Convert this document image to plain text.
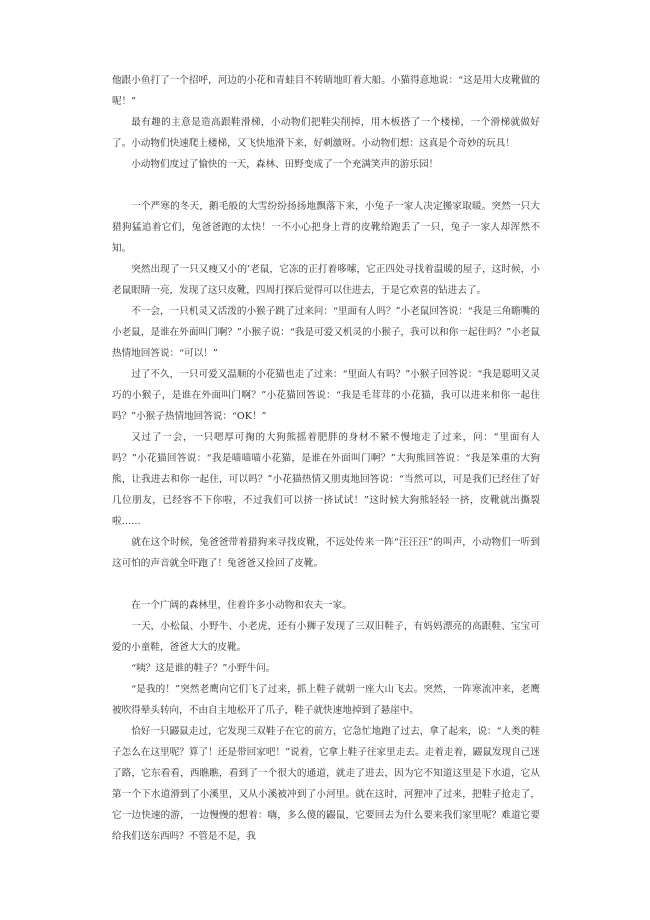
他跟小鱼打了一个招呼，河边的小花和青蛙目不转睛地盯着大船。小猫得意地说：“这是用大皮靴做的呢！”

最有趣的主意是造高跟鞋滑梯，小动物们把鞋尖削掉，用木板搭了一个楼梯，一个滑梯就做好了。小动物们快速爬上楼梯，又飞快地滑下来，好刺激呀。小动物们想：这真是个奇妙的玩具！

小动物们度过了愉快的一天，森林、田野变成了一个充满笑声的游乐园！

一个严寒的冬天，鹅毛般的大雪纷纷扬扬地飘落下来，小兔子一家人决定搬家取暖。突然一只大猎狗猛追着它们，兔爸爸跑的太快！一不小心把身上背的皮靴给跑丢了一只，兔子一家人却浑然不知。

突然出现了一只又瘦又小的’老鼠，它冻的正打着哆嗦，它正四处寻找着温暖的屋子，这时候，小老鼠眼睛一亮，发现了这只皮靴，四周打探后觉得可以住进去，于是它欢喜的钻进去了。

不一会，一只机灵又活泼的小猴子跳了过来问：“里面有人吗？”小老鼠回答说：“我是三角瞻嘴的小老鼠，是谁在外面叫门啊？”小猴子说：“我是可爱又机灵的小猴子，我可以和你一起住吗？”小老鼠热情地回答说：“可以！”

过了不久，一只可爱又温顺的小花猫也走了过来：“里面人有吗？”小猴子回答说：“我是聪明又灵巧的小猴子，是谁在外面叫门啊？”小花猫回答说：“我是毛茸茸的小花猫，我可以进来和你一起住吗？”小猴子热情地回答说：“OK！”

又过了一会，一只嗯厚可掬的大狗熊摇着肥胖的身材不紧不慢地走了过来，问：“里面有人吗？”小花猫回答说：“我是喵喵喵小花猫，是谁在外面叫门啊？”大狗熊回答说：“我是笨重的大狗熊，让我进去和你一起住，可以吗？”小花猫热情又朋夷地回答说：“当然可以，可是我们已经住了好几位朋友，已经容不下你啦，不过我们可以挤一挤试试！”这时候大狗熊轻轻一挤，皮靴就出撕裂啦……

就在这个时候，兔爸爸带着猎狗来寻找皮靴，不远处传来一阵“汪汪汪”的叫声，小动物们一听到这可怕的声音就全吓跑了！兔爸爸又捡回了皮靴。

在一个广阔的森林里，住着许多小动物和农夫一家。

一天，小松鼠、小野牛、小老虎，还有小狮子发现了三双旧鞋子，有妈妈漂亮的高跟鞋、宝宝可爱的小童鞋，爸爸大大的皮靴。

“咦？这是谁的鞋子？”小野牛问。

“是我的！”突然老鹰向它们飞了过来，抓上鞋子就朝一座大山飞去。突然，一阵寒流冲来，老鹰被吹得晕头转向，不由自主地松开了爪子，鞋子就快速地掉到了悬崖中。

恰好一只鼹鼠走过，它发现三双鞋子在它的前方，它急忙地跑了过去，拿了起来，说：“人类的鞋子怎么在这里呢？算了！还是带回家吧！”说着，它拿上鞋子往家里走去。走着走着，鼹鼠发现自己迷了路，它东看看，西瞧瞧，看到了一个很大的通道，就走了进去，因为它不知道这里是下水道，它从第一个下水道滑到了小溪里，又从小溪被冲到了小河里。就在这时，河狸冲了过来，把鞋子抢走了，它一边快速的游，一边慢慢的想着：嗨，多么傻的鼹鼠，它要回去为什么要来我们家里呢？难道它要给我们送东西吗？不管是不是，我
